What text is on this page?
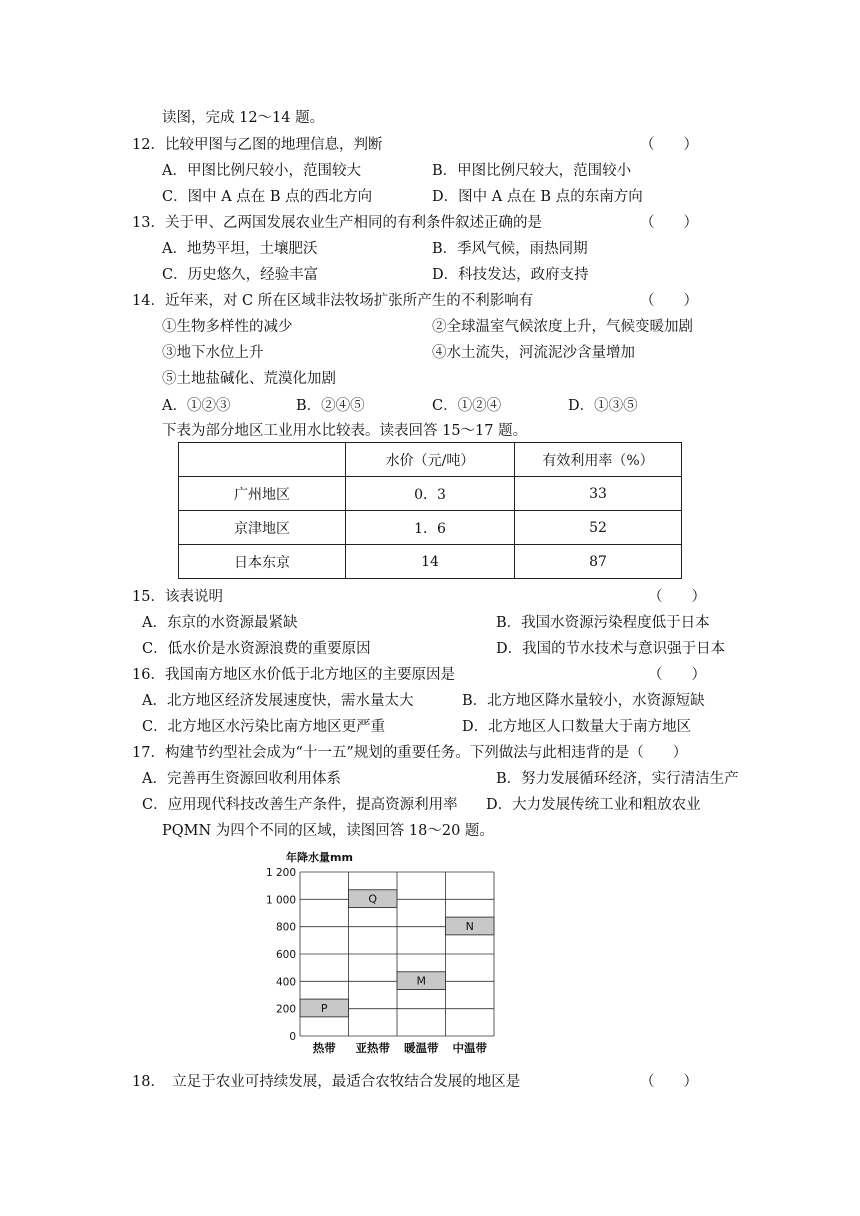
读图，完成 12～14 题。
12．比较甲图与乙图的地理信息，判断	（　　）
A．甲图比例尺较小，范围较大	B．甲图比例尺较大，范围较小
C．图中 A 点在 B 点的西北方向	D．图中 A 点在 B 点的东南方向
13．关于甲、乙两国发展农业生产相同的有利条件叙述正确的是	（　　）
A．地势平坦，土壤肥沃	B．季风气候，雨热同期
C．历史悠久，经验丰富	D．科技发达，政府支持
14．近年来，对 C 所在区域非法牧场扩张所产生的不利影响有	（　　）
①生物多样性的减少	②全球温室气候浓度上升，气候变暖加剧
③地下水位上升	④水土流失，河流泥沙含量增加
⑤土地盐碱化、荒漠化加剧
A．①②③	B．②④⑤	C．①②④	D．①③⑤
下表为部分地区工业用水比较表。读表回答 15～17 题。
	水价（元/吨）	有效利用率（%）
广州地区	0．3	33
京津地区	1．6	52
日本东京	14	87
15．该表说明	（　　）
A．东京的水资源最紧缺	B．我国水资源污染程度低于日本
C．低水价是水资源浪费的重要原因	D．我国的节水技术与意识强于日本
16．我国南方地区水价低于北方地区的主要原因是	（　　）
A．北方地区经济发展速度快，需水量太大	B．北方地区降水量较小，水资源短缺
C．北方地区水污染比南方地区更严重	D．北方地区人口数量大于南方地区
17．构建节约型社会成为“十一五”规划的重要任务。下列做法与此相违背的是（　　）
A．完善再生资源回收利用体系	B．努力发展循环经济，实行清洁生产
C．应用现代科技改善生产条件，提高资源利用率 D．大力发展传统工业和粗放农业
PQMN 为四个不同的区域，读图回答 18～20 题。
年降水量mm
0
200
400
600
800
1 000
1 200
热带 亚热带 暖温带 中温带
P
Q
M
N
18．　立足于农业可持续发展，最适合农牧结合发展的地区是	（　　）
